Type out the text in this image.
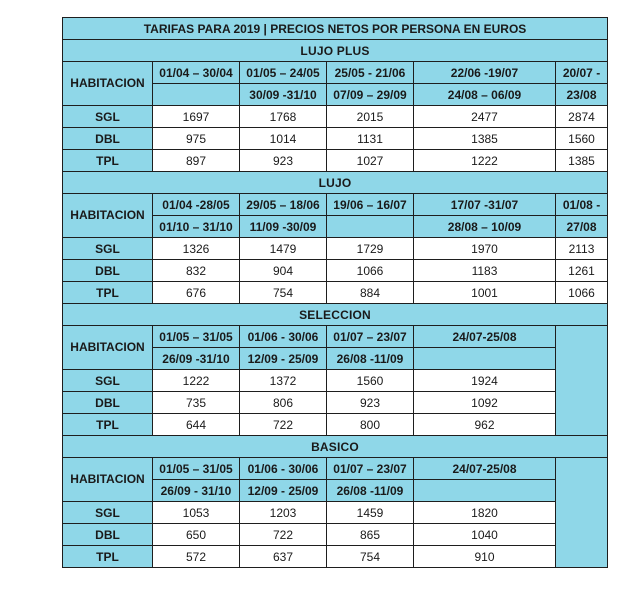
TARIFAS PARA 2019 | PRECIOS NETOS POR PERSONA EN EUROS					
LUJO PLUS					
HABITACION	01/04 – 30/04	01/05 – 24/05	25/05 - 21/06	22/06 -19/07	20/07 -
		30/09 -31/10	07/09 – 29/09	24/08 – 06/09	23/08
SGL	1697	1768	2015	2477	2874
DBL	975	1014	1131	1385	1560
TPL	897	923	1027	1222	1385
LUJO					
HABITACION	01/04 -28/05	29/05 – 18/06	19/06 – 16/07	17/07 -31/07	01/08 -
	01/10 – 31/10	11/09 -30/09		28/08 – 10/09	27/08
SGL	1326	1479	1729	1970	2113
DBL	832	904	1066	1183	1261
TPL	676	754	884	1001	1066
SELECCION					
HABITACION	01/05 – 31/05	01/06 - 30/06	01/07 – 23/07	24/07-25/08	
	26/09 -31/10	12/09 - 25/09	26/08 -11/09		
SGL	1222	1372	1560	1924	
DBL	735	806	923	1092	
TPL	644	722	800	962	
BASICO					
HABITACION	01/05 – 31/05	01/06 - 30/06	01/07 – 23/07	24/07-25/08	
	26/09 - 31/10	12/09 - 25/09	26/08 -11/09		
SGL	1053	1203	1459	1820	
DBL	650	722	865	1040	
TPL	572	637	754	910	
